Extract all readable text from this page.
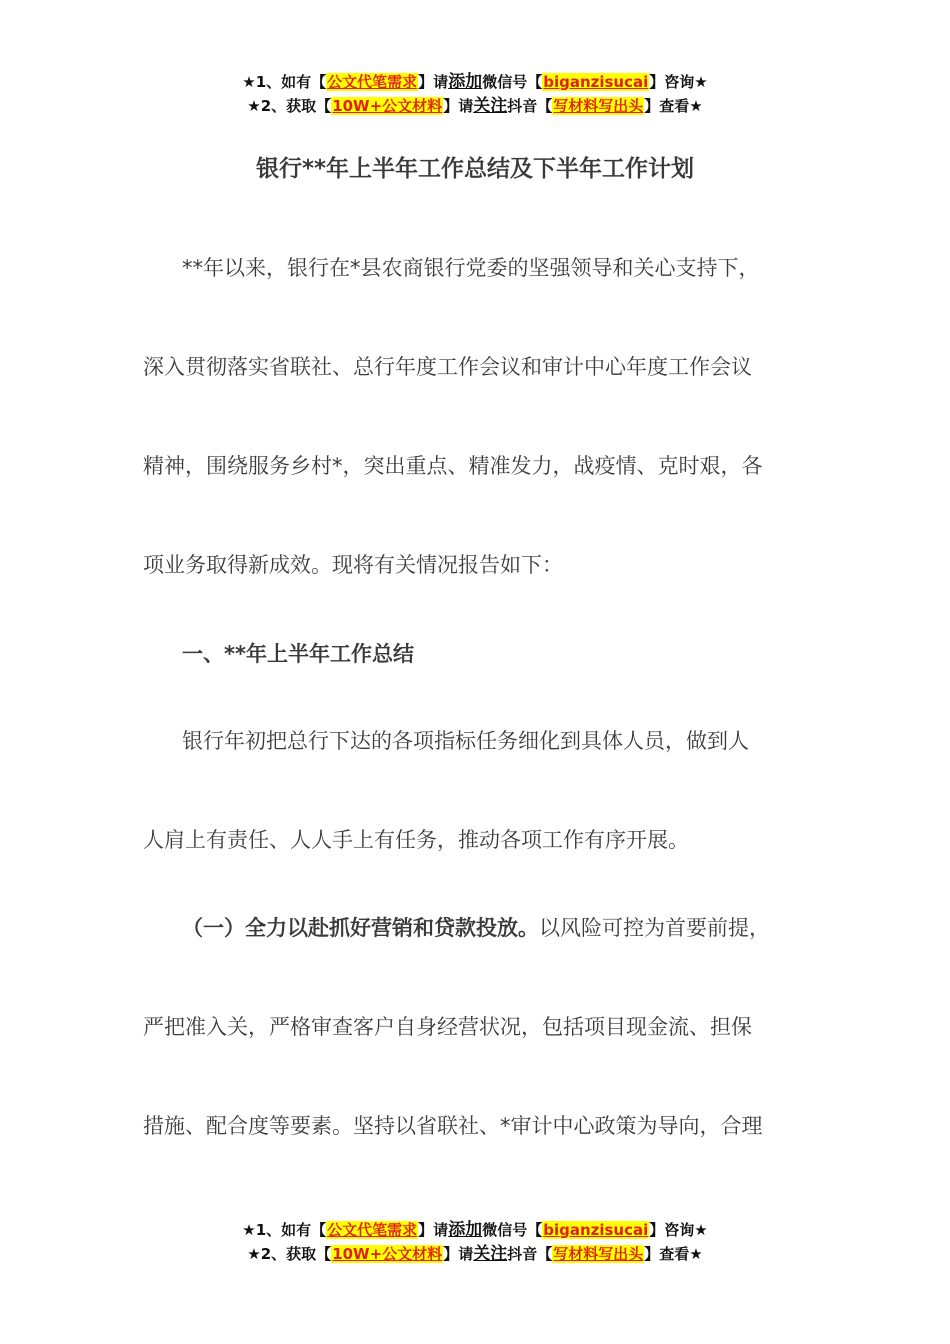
★1、如有【公文代笔需求】请添加微信号【biganzisucai】咨询★
★2、获取【10W+公文材料】请关注抖音【写材料写出头】查看★
银行**年上半年工作总结及下半年工作计划
**年以来，银行在*县农商银行党委的坚强领导和关心支持下，
深入贯彻落实省联社、总行年度工作会议和审计中心年度工作会议
精神，围绕服务乡村*，突出重点、精准发力，战疫情、克时艰，各
项业务取得新成效。现将有关情况报告如下：
一、**年上半年工作总结
银行年初把总行下达的各项指标任务细化到具体人员，做到人
人肩上有责任、人人手上有任务，推动各项工作有序开展。
（一）全力以赴抓好营销和贷款投放。以风险可控为首要前提，
严把准入关，严格审查客户自身经营状况，包括项目现金流、担保
措施、配合度等要素。坚持以省联社、*审计中心政策为导向，合理
★1、如有【公文代笔需求】请添加微信号【biganzisucai】咨询★
★2、获取【10W+公文材料】请关注抖音【写材料写出头】查看★
